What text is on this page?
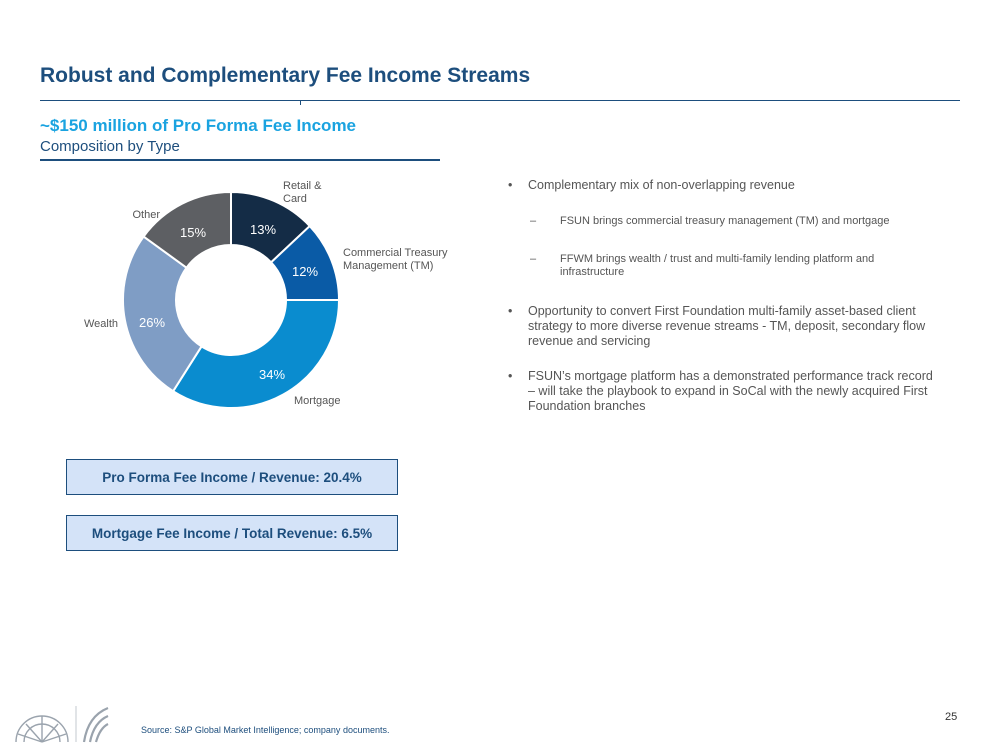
Robust and Complementary Fee Income Streams
~$150 million of Pro Forma Fee Income
Composition by Type
13%
Retail & Card
12%
Commercial Treasury Management (TM)
34%
Mortgage
26%
Wealth
15%
Other
• Complementary mix of non-overlapping revenue
– FSUN brings commercial treasury management (TM) and mortgage
– FFWM brings wealth / trust and multi-family lending platform and infrastructure
• Opportunity to convert First Foundation multi-family asset-based client strategy to more diverse revenue streams - TM, deposit, secondary flow revenue and servicing
• FSUN’s mortgage platform has a demonstrated performance track record – will take the playbook to expand in SoCal with the newly acquired First Foundation branches
Pro Forma Fee Income / Revenue: 20.4%
Mortgage Fee Income / Total Revenue: 6.5%
Source: S&P Global Market Intelligence; company documents.
25
